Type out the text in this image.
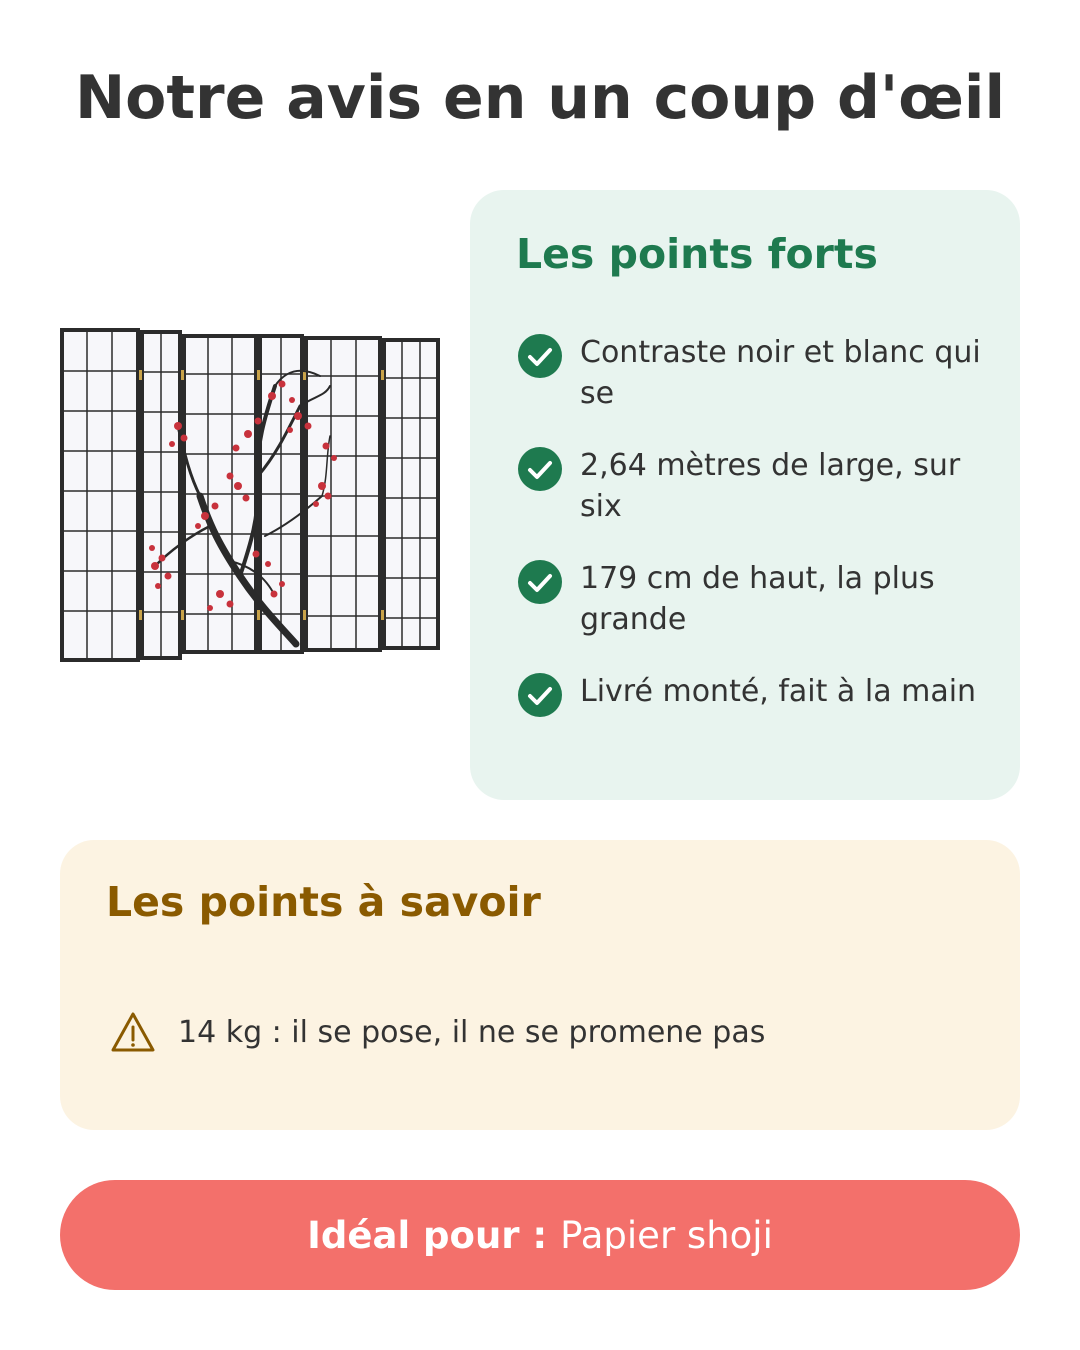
Notre avis en un coup d'œil
Les points forts
Contraste noir et blanc qui se
2,64 mètres de large, sur six
179 cm de haut, la plus grande
Livré monté, fait à la main
Les points à savoir
14 kg : il se pose, il ne se promene pas
Idéal pour : Papier shoji
